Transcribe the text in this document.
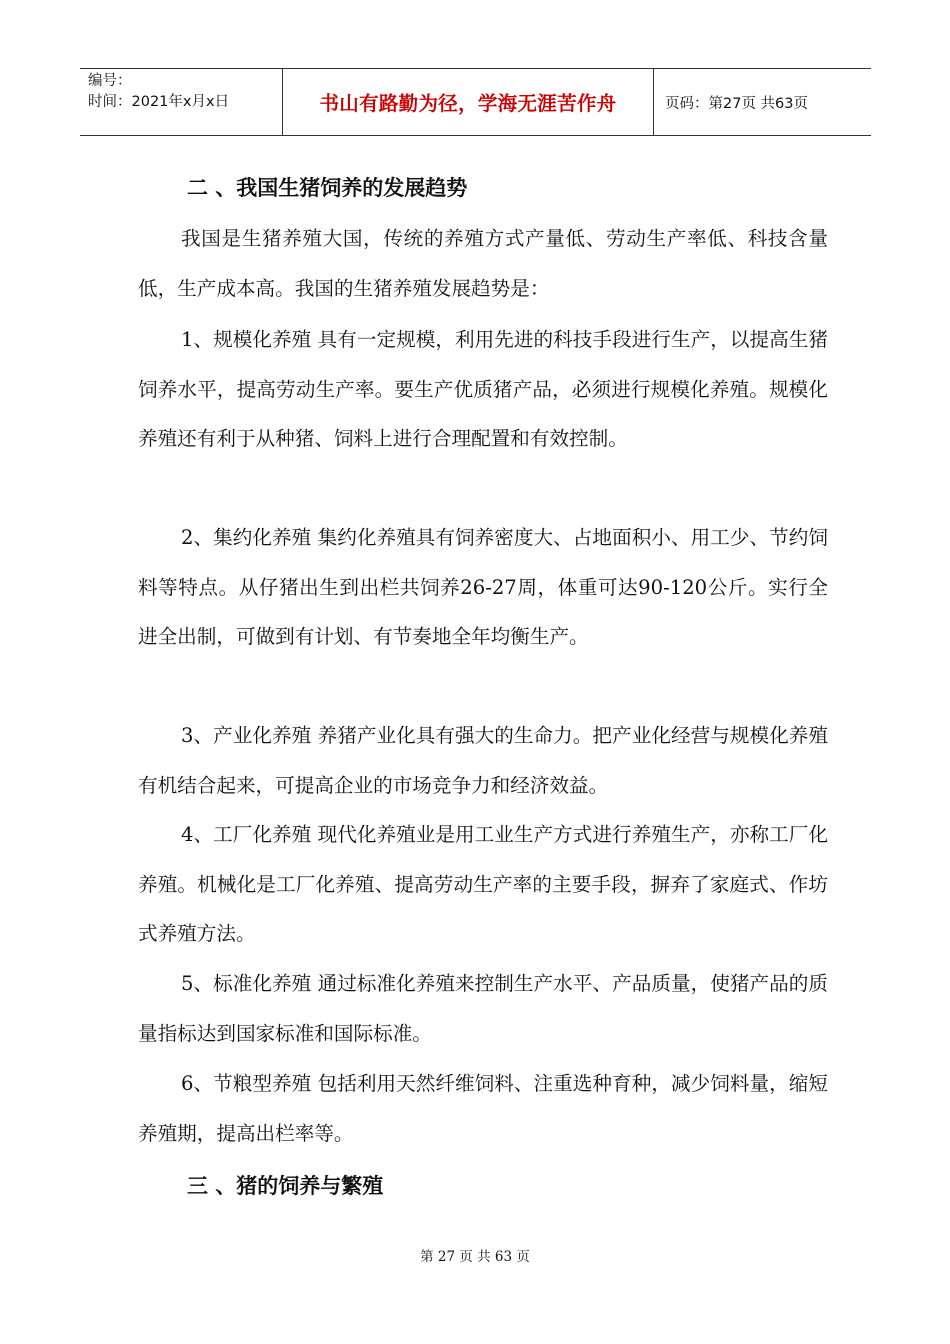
编号：
时间：2021年x月x日	书山有路勤为径，学海无涯苦作舟	页码：第27页 共63页
二 、我国生猪饲养的发展趋势

我国是生猪养殖大国，传统的养殖方式产量低、劳动生产率低、科技含量低，生产成本高。我国的生猪养殖发展趋势是：

1、规模化养殖 具有一定规模，利用先进的科技手段进行生产，以提高生猪饲养水平，提高劳动生产率。要生产优质猪产品，必须进行规模化养殖。规模化养殖还有利于从种猪、饲料上进行合理配置和有效控制。

2、集约化养殖 集约化养殖具有饲养密度大、占地面积小、用工少、节约饲料等特点。从仔猪出生到出栏共饲养26-27周，体重可达90-120公斤。实行全进全出制，可做到有计划、有节奏地全年均衡生产。

3、产业化养殖 养猪产业化具有强大的生命力。把产业化经营与规模化养殖有机结合起来，可提高企业的市场竞争力和经济效益。

4、工厂化养殖 现代化养殖业是用工业生产方式进行养殖生产，亦称工厂化养殖。机械化是工厂化养殖、提高劳动生产率的主要手段，摒弃了家庭式、作坊式养殖方法。

5、标准化养殖 通过标准化养殖来控制生产水平、产品质量，使猪产品的质量指标达到国家标准和国际标准。

6、节粮型养殖 包括利用天然纤维饲料、注重选种育种，减少饲料量，缩短养殖期，提高出栏率等。

三 、猪的饲养与繁殖
第 27 页 共 63 页
